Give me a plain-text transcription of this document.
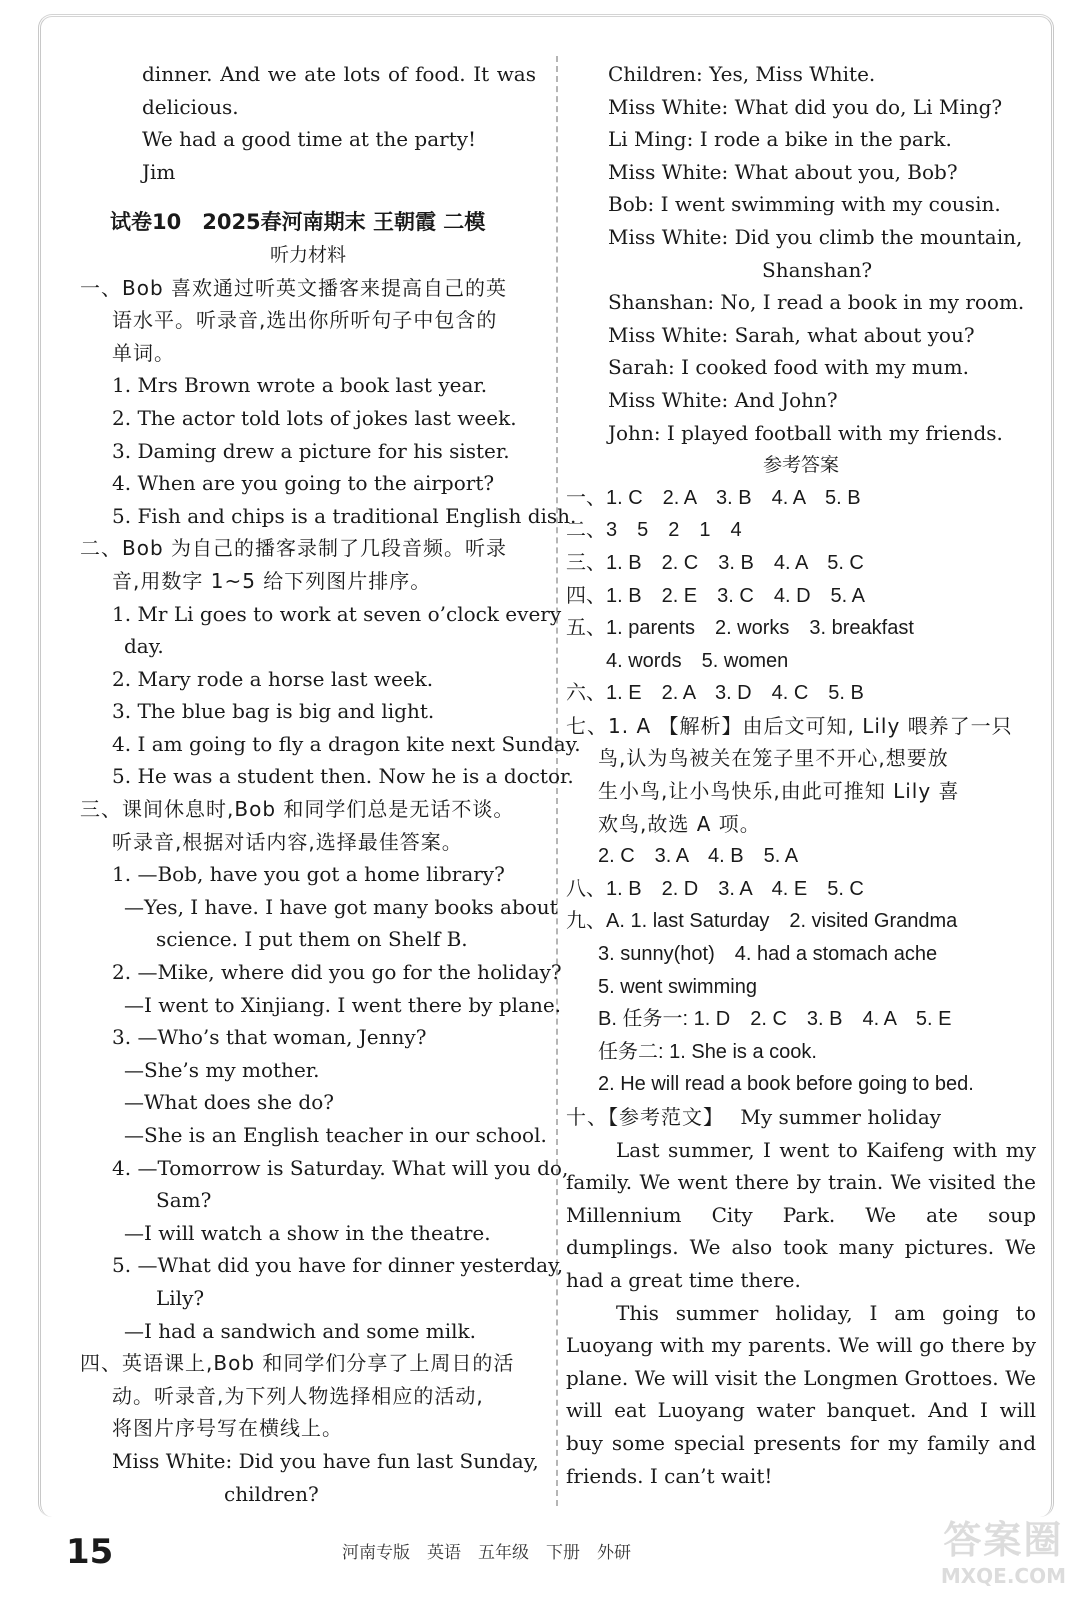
dinner. And we ate lots of food. It was

delicious.

We had a good time at the party!

Jim

试卷10　2025春河南期末 王朝霞 二模

听力材料

一、Bob 喜欢通过听英文播客来提高自己的英

语水平。听录音,选出你所听句子中包含的

单词。

1. Mrs Brown wrote a book last year.

2. The actor told lots of jokes last week.

3. Daming drew a picture for his sister.

4. When are you going to the airport?

5. Fish and chips is a traditional English dish.

二、Bob 为自己的播客录制了几段音频。听录

音,用数字 1~5 给下列图片排序。

1. Mr Li goes to work at seven o’clock every

day.

2. Mary rode a horse last week.

3. The blue bag is big and light.

4. I am going to fly a dragon kite next Sunday.

5. He was a student then. Now he is a doctor.

三、课间休息时,Bob 和同学们总是无话不谈。

听录音,根据对话内容,选择最佳答案。

1. —Bob, have you got a home library?

—Yes, I have. I have got many books about

science. I put them on Shelf B.

2. —Mike, where did you go for the holiday?

—I went to Xinjiang. I went there by plane.

3. —Who’s that woman, Jenny?

—She’s my mother.

—What does she do?

—She is an English teacher in our school.

4. —Tomorrow is Saturday. What will you do,

Sam?

—I will watch a show in the theatre.

5. —What did you have for dinner yesterday,

Lily?

—I had a sandwich and some milk.

四、英语课上,Bob 和同学们分享了上周日的活

动。听录音,为下列人物选择相应的活动,

将图片序号写在横线上。

Miss White: Did you have fun last Sunday,

children?

Children: Yes, Miss White.

Miss White: What did you do, Li Ming?

Li Ming: I rode a bike in the park.

Miss White: What about you, Bob?

Bob: I went swimming with my cousin.

Miss White: Did you climb the mountain,

Shanshan?

Shanshan: No, I read a book in my room.

Miss White: Sarah, what about you?

Sarah: I cooked food with my mum.

Miss White: And John?

John: I played football with my friends.

参考答案

一、1. C　2. A　3. B　4. A　5. B

二、3　5　2　1　4

三、1. B　2. C　3. B　4. A　5. C

四、1. B　2. E　3. C　4. D　5. A

五、1. parents　2. works　3. breakfast

　　4. words　5. women

六、1. E　2. A　3. D　4. C　5. B

七、1. A 【解析】由后文可知, Lily 喂养了一只

鸟,认为鸟被关在笼子里不开心,想要放

生小鸟,让小鸟快乐,由此可推知 Lily 喜

欢鸟,故选 A 项。

2. C　3. A　4. B　5. A

八、1. B　2. D　3. A　4. E　5. C

九、A. 1. last Saturday　2. visited Grandma

3. sunny(hot)　4. had a stomach ache

5. went swimming

B. 任务一: 1. D　2. C　3. B　4. A　5. E

任务二: 1. She is a cook.

2. He will read a book before going to bed.

十、【参考范文】 My summer holiday

Last summer, I went to Kaifeng with my family. We went there by train. We visited the Millennium City Park. We ate soup dumplings. We also took many pictures. We had a great time there.

This summer holiday, I am going to Luoyang with my parents. We will go there by plane. We will visit the Longmen Grottoes. We will eat Luoyang water banquet. And I will buy some special presents for my family and friends. I can’t wait!

15	河南专版　英语　五年级　下册　外研	答案圈
MXQE.COM
